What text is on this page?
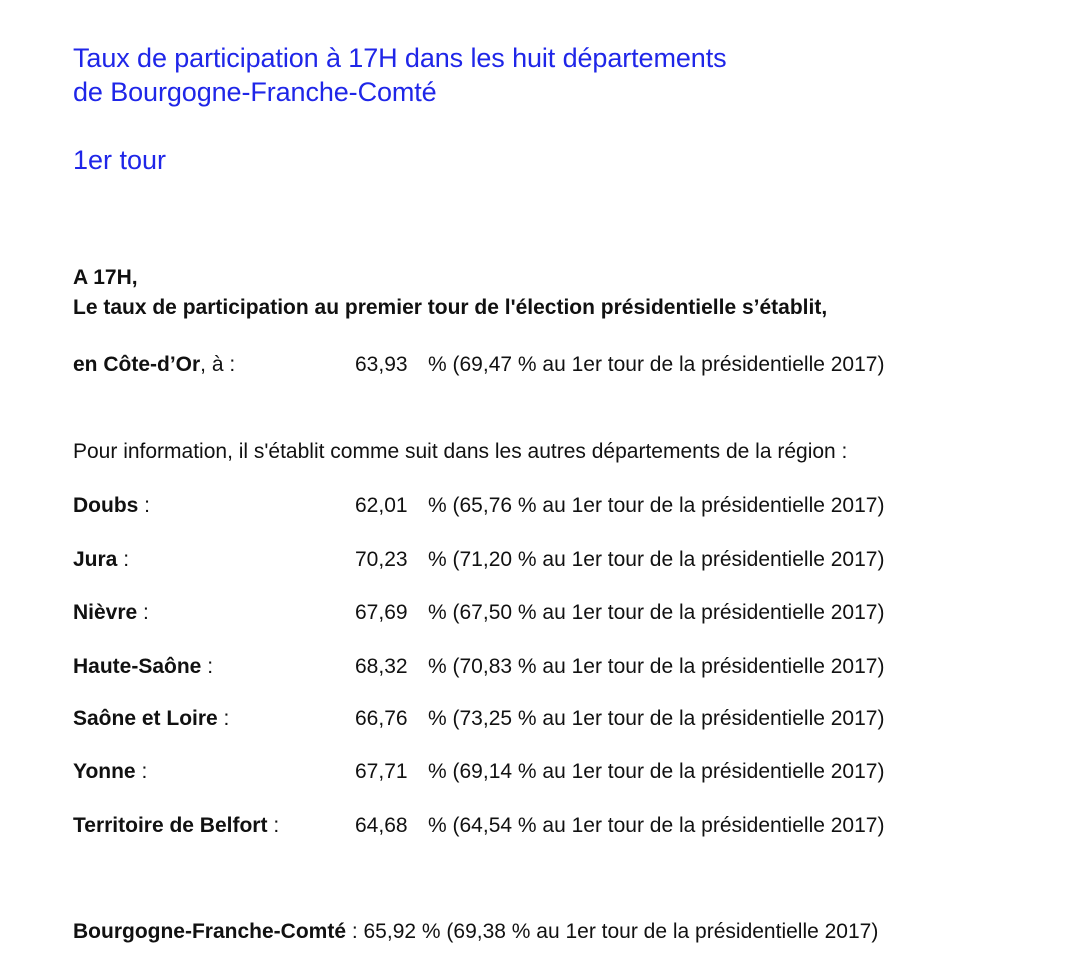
Taux de participation à 17H dans les huit départements
de Bourgogne-Franche-Comté
1er tour
A 17H,
Le taux de participation au premier tour de l'élection présidentielle s’établit,
en Côte-d’Or, à :	63,93 % (69,47 % au 1er tour de la présidentielle 2017)
Pour information, il s'établit comme suit dans les autres départements de la région :
Doubs :	62,01 % (65,76 % au 1er tour de la présidentielle 2017)
Jura :	70,23 % (71,20 % au 1er tour de la présidentielle 2017)
Nièvre :	67,69 % (67,50 % au 1er tour de la présidentielle 2017)
Haute-Saône :	68,32 % (70,83 % au 1er tour de la présidentielle 2017)
Saône et Loire :	66,76 % (73,25 % au 1er tour de la présidentielle 2017)
Yonne :	67,71 % (69,14 % au 1er tour de la présidentielle 2017)
Territoire de Belfort :	64,68 % (64,54 % au 1er tour de la présidentielle 2017)
Bourgogne-Franche-Comté : 65,92 % (69,38 % au 1er tour de la présidentielle 2017)
